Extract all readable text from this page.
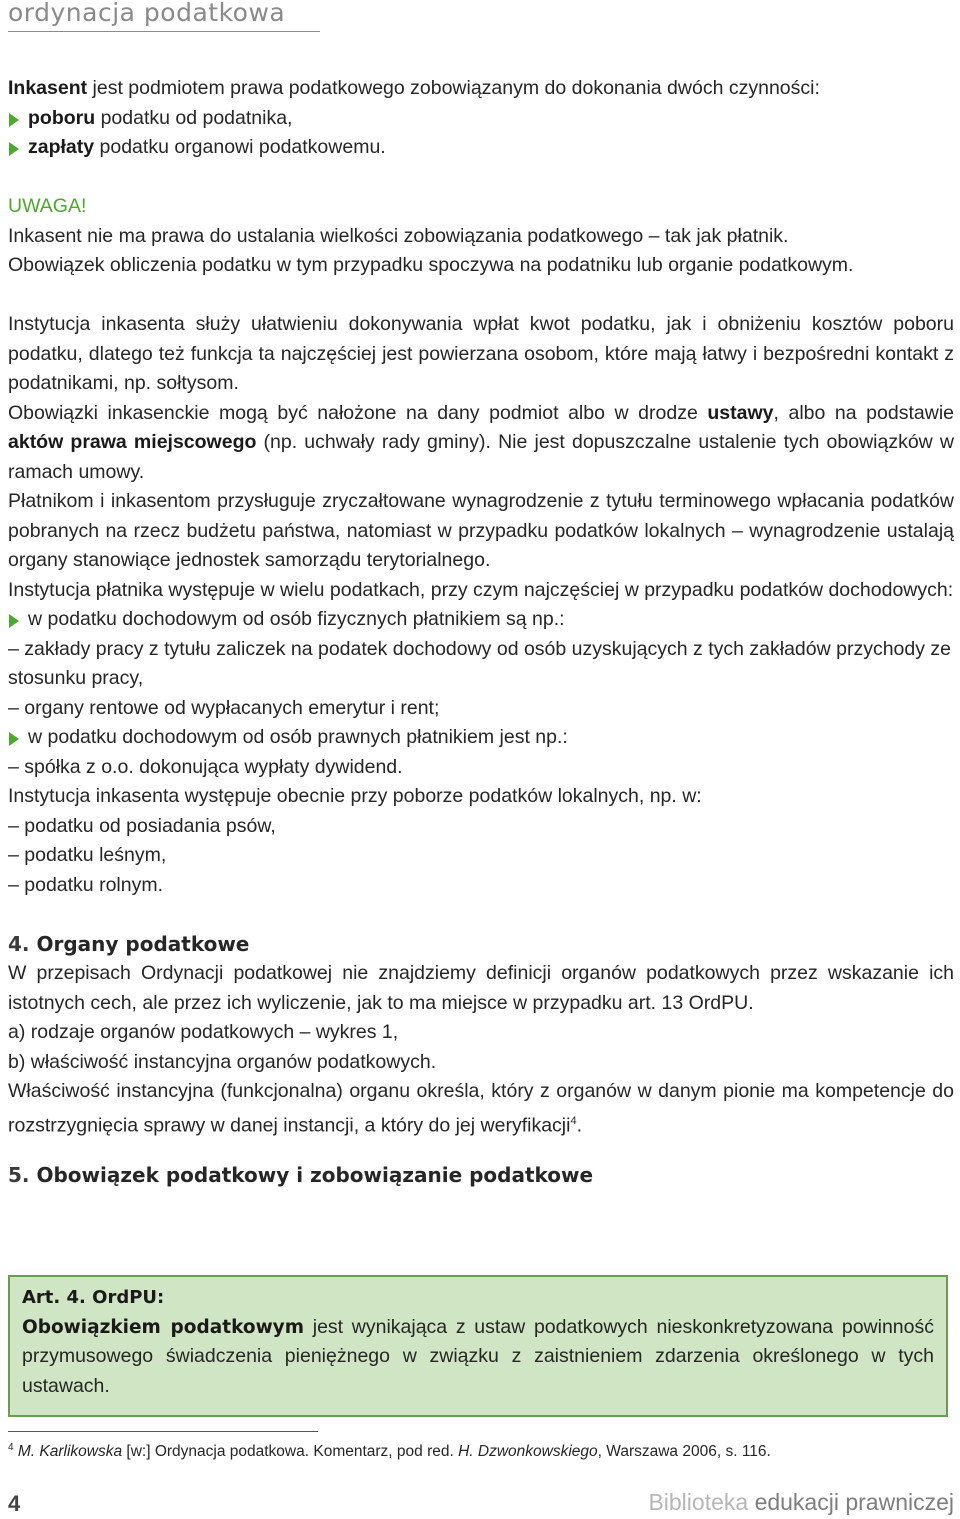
ordynacja podatkowa

Inkasent jest podmiotem prawa podatkowego zobowiązanym do dokonania dwóch czynności:

poboru podatku od podatnika,

zapłaty podatku organowi podatkowemu.

UWAGA!

Inkasent nie ma prawa do ustalania wielkości zobowiązania podatkowego – tak jak płatnik.

Obowiązek obliczenia podatku w tym przypadku spoczywa na podatniku lub organie podatkowym.

Instytucja inkasenta służy ułatwieniu dokonywania wpłat kwot podatku, jak i obniżeniu kosztów poboru podatku, dlatego też funkcja ta najczęściej jest powierzana osobom, które mają łatwy i bezpośredni kontakt z podatnikami, np. sołtysom.

Obowiązki inkasenckie mogą być nałożone na dany podmiot albo w drodze ustawy, albo na podstawie aktów prawa miejscowego (np. uchwały rady gminy). Nie jest dopuszczalne ustalenie tych obowiązków w ramach umowy.

Płatnikom i inkasentom przysługuje zryczałtowane wynagrodzenie z tytułu terminowego wpłacania podatków pobranych na rzecz budżetu państwa, natomiast w przypadku podatków lokalnych – wynagrodzenie ustalają organy stanowiące jednostek samorządu terytorialnego.

Instytucja płatnika występuje w wielu podatkach, przy czym najczęściej w przypadku podatków dochodowych:

w podatku dochodowym od osób fizycznych płatnikiem są np.:

– zakłady pracy z tytułu zaliczek na podatek dochodowy od osób uzyskujących z tych zakładów przychody ze stosunku pracy,

– organy rentowe od wypłacanych emerytur i rent;

w podatku dochodowym od osób prawnych płatnikiem jest np.:

– spółka z o.o. dokonująca wypłaty dywidend.

Instytucja inkasenta występuje obecnie przy poborze podatków lokalnych, np. w:

– podatku od posiadania psów,

– podatku leśnym,

– podatku rolnym.

4. Organy podatkowe

W przepisach Ordynacji podatkowej nie znajdziemy definicji organów podatkowych przez wskazanie ich istotnych cech, ale przez ich wyliczenie, jak to ma miejsce w przypadku art. 13 OrdPU.

a) rodzaje organów podatkowych – wykres 1,

b) właściwość instancyjna organów podatkowych.

Właściwość instancyjna (funkcjonalna) organu określa, który z organów w danym pionie ma kompetencje do rozstrzygnięcia sprawy w danej instancji, a który do jej weryfikacji$^4$.

5. Obowiązek podatkowy i zobowiązanie podatkowe

Art. 4. OrdPU:
Obowiązkiem podatkowym jest wynikająca z ustaw podatkowych nieskonkretyzowana powinność przymusowego świadczenia pieniężnego w związku z zaistnieniem zdarzenia określonego w tych ustawach.
$^4$ M. Karlikowska [w:] Ordynacja podatkowa. Komentarz, pod red. H. Dzwonkowskiego, Warszawa 2006, s. 116.
4	Biblioteka edukacji prawniczej
